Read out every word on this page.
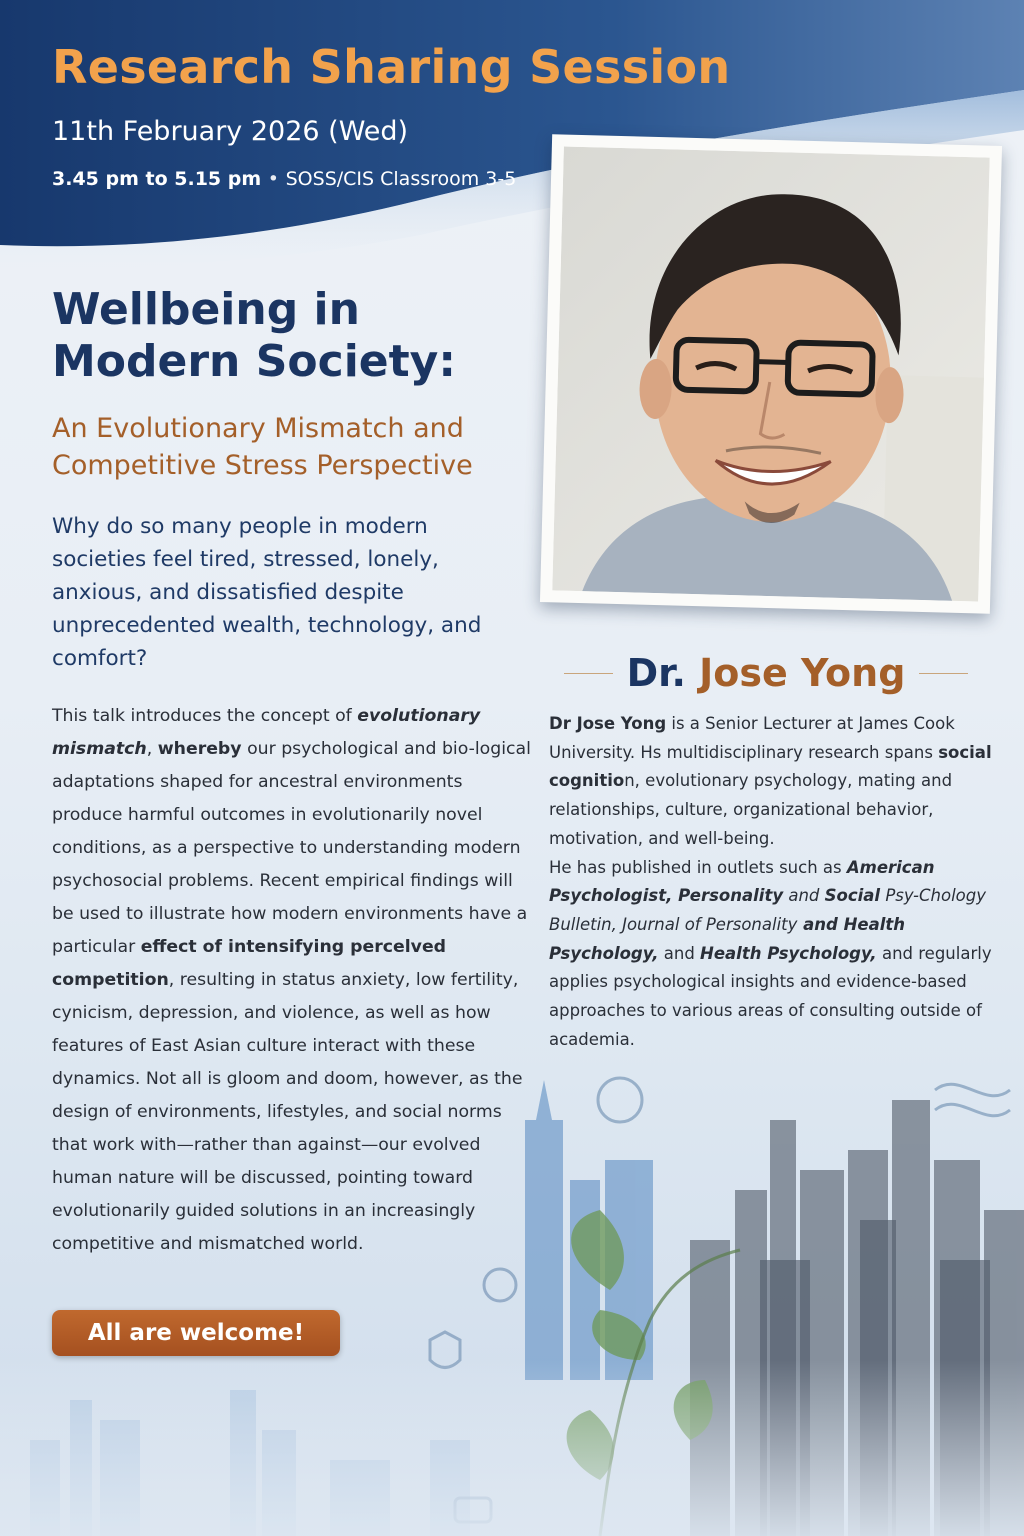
Research Sharing Session
11th February 2026 (Wed)
3.45 pm to 5.15 pm • SOSS/CIS Classroom 3-5
Wellbeing in Modern Society:
An Evolutionary Mismatch and Competitive Stress Perspective
Why do so many people in modern societies feel tired, stressed, lonely, anxious, and dissatisfied despite unprecedented wealth, technology, and comfort?
This talk introduces the concept of evolutionary mismatch, whereby our psychological and bio-logical adaptations shaped for ancestral environments produce harmful outcomes in evolutionarily novel conditions, as a perspective to understanding modern psychosocial problems. Recent empirical findings will be used to illustrate how modern environments have a particular effect of intensifying percelved competition, resulting in status anxiety, low fertility, cynicism, depression, and violence, as well as how features of East Asian culture interact with these dynamics. Not all is gloom and doom, however, as the design of environments, lifestyles, and social norms that work with—rather than against—our evolved human nature will be discussed, pointing toward evolutionarily guided solutions in an increasingly competitive and mismatched world.
All are welcome!
Dr. Jose Yong
Dr Jose Yong is a Senior Lecturer at James Cook University. Hs multidisciplinary research spans social cognition, evolutionary psychology, mating and relationships, culture, organizational behavior, motivation, and well-being.
He has published in outlets such as American Psychologist, Personality and Social Psy-Chology Bulletin, Journal of Personality and Health Psychology, and Health Psychology, and regularly applies psychological insights and evidence-based approaches to various areas of consulting outside of academia.
